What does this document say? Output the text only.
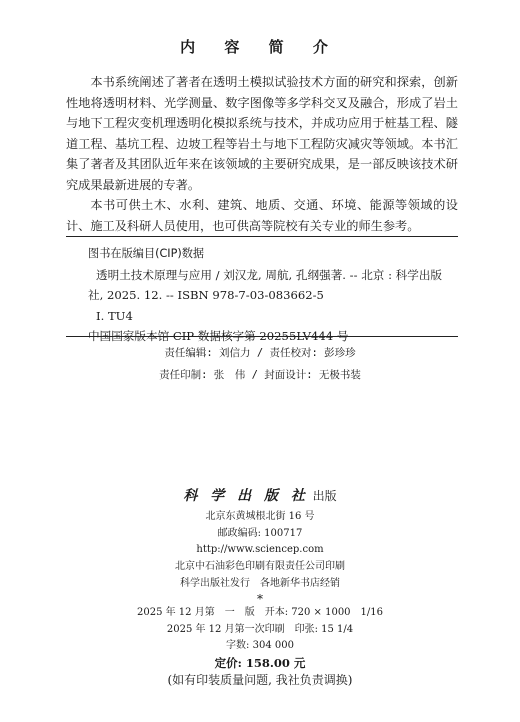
内 容 简 介

本书系统阐述了著者在透明土模拟试验技术方面的研究和探索，创新性地将透明材料、光学测量、数字图像等多学科交叉及融合，形成了岩土与地下工程灾变机理透明化模拟系统与技术，并成功应用于桩基工程、隧道工程、基坑工程、边坡工程等岩土与地下工程防灾减灾等领域。本书汇集了著者及其团队近年来在该领域的主要研究成果，是一部反映该技术研究成果最新进展的专著。

本书可供土木、水利、建筑、地质、交通、环境、能源等领域的设计、施工及科研人员使用，也可供高等院校有关专业的师生参考。

图书在版编目(CIP)数据

透明土技术原理与应用 / 刘汉龙, 周航, 孔纲强著. -- 北京 : 科学出版

社, 2025. 12. -- ISBN 978-7-03-083662-5

Ⅰ. TU4

中国国家版本馆 CIP 数据核字第 20255LV444 号

责任编辑: 刘信力 / 责任校对: 彭珍珍

责任印制: 张　伟 / 封面设计: 无极书装

科 学 出 版 社 出版

北京东黄城根北街 16 号

邮政编码: 100717

http://www.sciencep.com

北京中石油彩色印刷有限责任公司印刷

科学出版社发行　各地新华书店经销

*

2025 年 12 月第　一　版 开本: 720 × 1000　1/16

2025 年 12 月第一次印刷 印张: 15 1/4

字数: 304 000

定价: 158.00 元

(如有印装质量问题, 我社负责调换)
